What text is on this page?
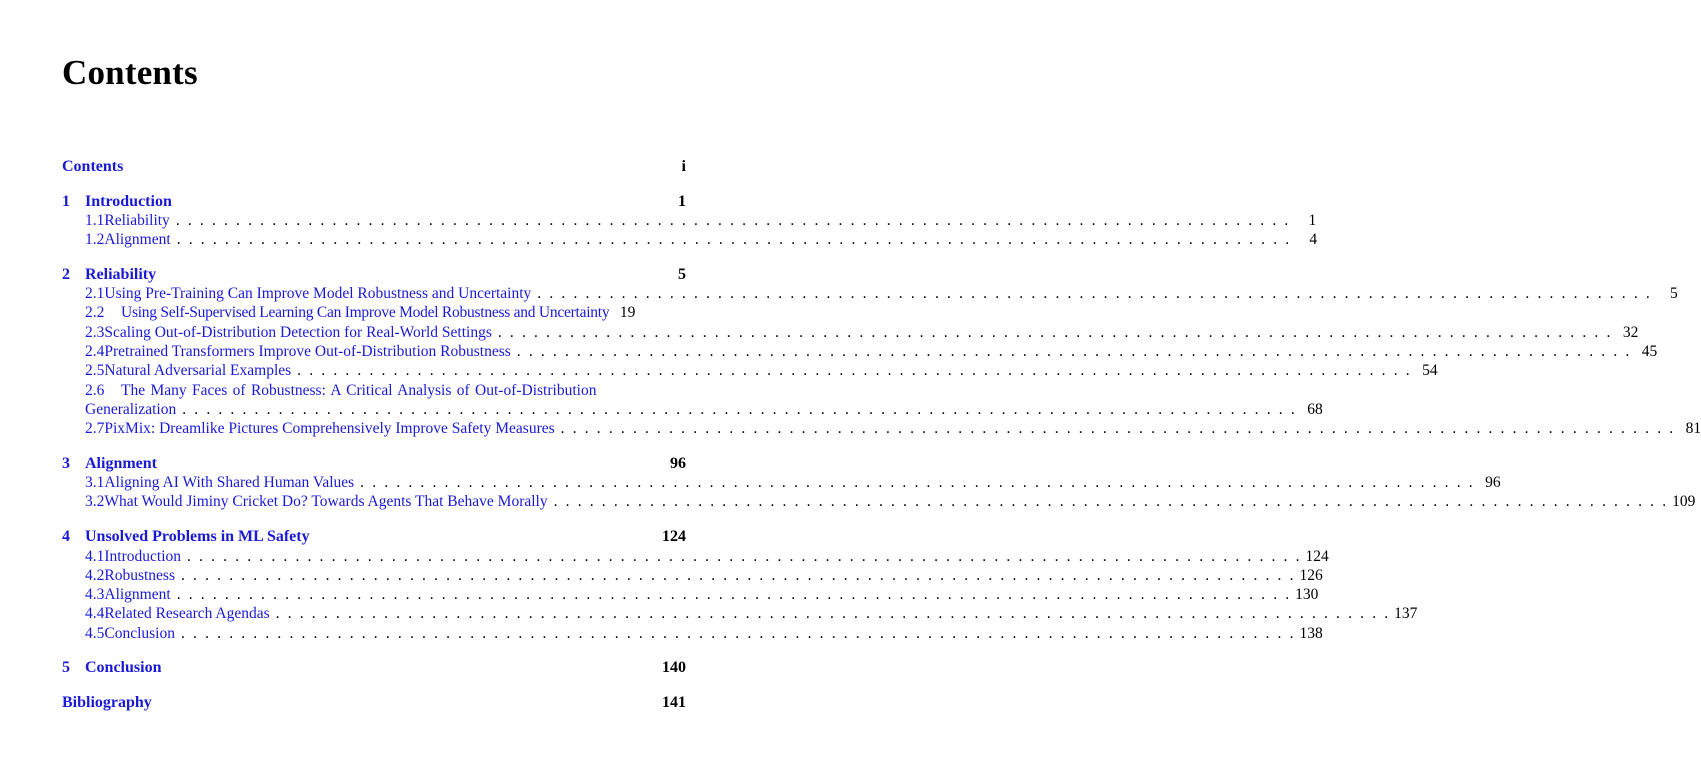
Contents
Contents	i
1 Introduction	1
1.1 Reliability . . .	1
1.2 Alignment . . .	4
2 Reliability	5
2.1 Using Pre-Training Can Improve Model Robustness and Uncertainty . . .	5
2.2	Using Self-Supervised Learning Can Improve Model Robustness and Uncertainty 19
2.3 Scaling Out-of-Distribution Detection for Real-World Settings . . .	32
2.4 Pretrained Transformers Improve Out-of-Distribution Robustness . . .	45
2.5 Natural Adversarial Examples . . .	54
2.6	The Many Faces of Robustness: A Critical Analysis of Out-of-Distribution
Generalization . . .	68
2.7 PixMix: Dreamlike Pictures Comprehensively Improve Safety Measures . . .	81
3 Alignment	96
3.1 Aligning AI With Shared Human Values . . .	96
3.2 What Would Jiminy Cricket Do? Towards Agents That Behave Morally . . .	109
4 Unsolved Problems in ML Safety	124
4.1 Introduction . . .	124
4.2 Robustness . . .	126
4.3 Alignment . . .	130
4.4 Related Research Agendas . . .	137
4.5 Conclusion . . .	138
5 Conclusion	140
Bibliography	141
